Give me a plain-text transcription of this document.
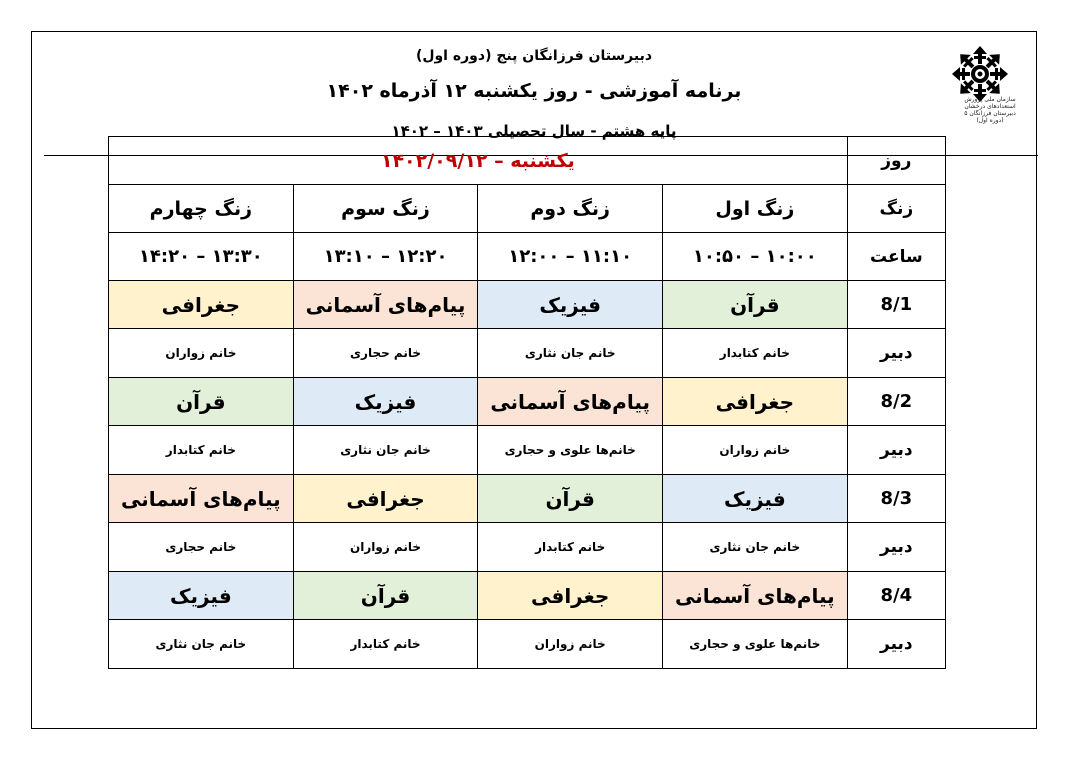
دبیرستان فرزانگان پنج (دوره اول)
برنامه آموزشی - روز یکشنبه ۱۲ آذرماه ۱۴۰۲
پایه هشتم - سال تحصیلی ۱۴۰۳ – ۱۴۰۲
سازمان ملی پرورش استعدادهای درخشان دبیرستان فرزانگان ۵ (دوره اول)
روز	یکشنبه – ۱۴۰۲/۰۹/۱۲			
زنگ	زنگ اول	زنگ دوم	زنگ سوم	زنگ چهارم
ساعت	۱۰:۰۰ – ۱۰:۵۰	۱۱:۱۰ – ۱۲:۰۰	۱۲:۲۰ – ۱۳:۱۰	۱۳:۳۰ – ۱۴:۲۰
8/1	قرآن	فیزیک	پیام‌های آسمانی	جغرافی
دبیر	خانم کتابدار	خانم جان نثاری	خانم حجاری	خانم زواران
8/2	جغرافی	پیام‌های آسمانی	فیزیک	قرآن
دبیر	خانم زواران	خانم‌ها علوی و حجاری	خانم جان نثاری	خانم کتابدار
8/3	فیزیک	قرآن	جغرافی	پیام‌های آسمانی
دبیر	خانم جان نثاری	خانم کتابدار	خانم زواران	خانم حجاری
8/4	پیام‌های آسمانی	جغرافی	قرآن	فیزیک
دبیر	خانم‌ها علوی و حجاری	خانم زواران	خانم کتابدار	خانم جان نثاری
